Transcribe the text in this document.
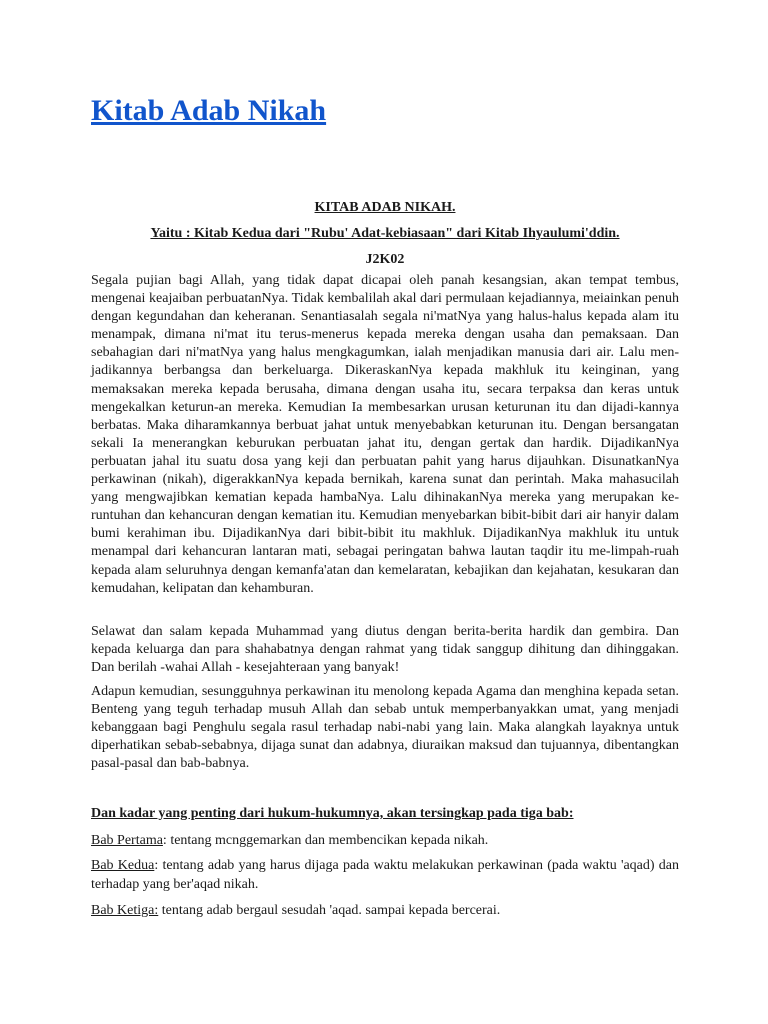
Kitab Adab Nikah

KITAB ADAB NIKAH.

Yaitu : Kitab Kedua dari "Rubu' Adat-kebiasaan" dari Kitab Ihyaulumi'ddin.

J2K02

Segala pujian bagi Allah, yang tidak dapat dicapai oleh panah kesangsian, akan tempat tembus, mengenai keajaiban perbuatanNya. Tidak kembalilah akal dari permulaan kejadiannya, meiainkan penuh dengan kegundahan dan keheranan. Senantiasalah segala ni'matNya yang halus-halus kepada alam itu menampak, dimana ni'mat itu terus-menerus kepada mereka dengan usaha dan pemaksaan. Dan sebahagian dari ni'matNya yang halus mengkagumkan, ialah menjadikan manusia dari air. Lalu men-jadikannya berbangsa dan berkeluarga. DikeraskanNya kepada makhluk itu keinginan, yang memaksakan mereka kepada berusaha, dimana dengan usaha itu, secara terpaksa dan keras untuk mengekalkan keturun-an mereka. Kemudian Ia membesarkan urusan keturunan itu dan dijadi-kannya berbatas. Maka diharamkannya berbuat jahat untuk menyebabkan keturunan itu. Dengan bersangatan sekali Ia menerangkan keburukan perbuatan jahat itu, dengan gertak dan hardik. DijadikanNya perbuatan jahal itu suatu dosa yang keji dan perbuatan pahit yang harus dijauhkan. DisunatkanNya perkawinan (nikah), digerakkanNya kepada bernikah, karena sunat dan perintah. Maka mahasucilah yang mengwajibkan kematian kepada hambaNya. Lalu dihinakanNya mereka yang merupakan ke-runtuhan dan kehancuran dengan kematian itu. Kemudian menyebarkan bibit-bibit dari air hanyir dalam bumi kerahiman ibu. DijadikanNya dari bibit-bibit itu makhluk. DijadikanNya makhluk itu untuk menampal dari kehancuran lantaran mati, sebagai peringatan bahwa lautan taqdir itu me-limpah-ruah kepada alam seluruhnya dengan kemanfa'atan dan kemelaratan, kebajikan dan kejahatan, kesukaran dan kemudahan, kelipatan dan kehamburan.

Selawat dan salam kepada Muhammad yang diutus dengan berita-berita hardik dan gembira. Dan kepada keluarga dan para shahabatnya dengan rahmat yang tidak sanggup dihitung dan dihinggakan. Dan berilah -wahai Allah - kesejahteraan yang banyak!

Adapun kemudian, sesungguhnya perkawinan itu menolong kepada Agama dan menghina kepada setan. Benteng yang teguh terhadap musuh Allah dan sebab untuk memperbanyakkan umat, yang menjadi kebanggaan bagi Penghulu segala rasul terhadap nabi-nabi yang lain. Maka alangkah layaknya untuk diperhatikan sebab-sebabnya, dijaga sunat dan adabnya, diuraikan maksud dan tujuannya, dibentangkan pasal-pasal dan bab-babnya.

Dan kadar yang penting dari hukum-hukumnya, akan tersingkap pada tiga bab:

Bab Pertama: tentang mcnggemarkan dan membencikan kepada nikah.

Bab Kedua: tentang adab yang harus dijaga pada waktu melakukan perkawinan (pada waktu 'aqad) dan terhadap yang ber'aqad nikah.

Bab Ketiga: tentang adab bergaul sesudah 'aqad. sampai kepada bercerai.
